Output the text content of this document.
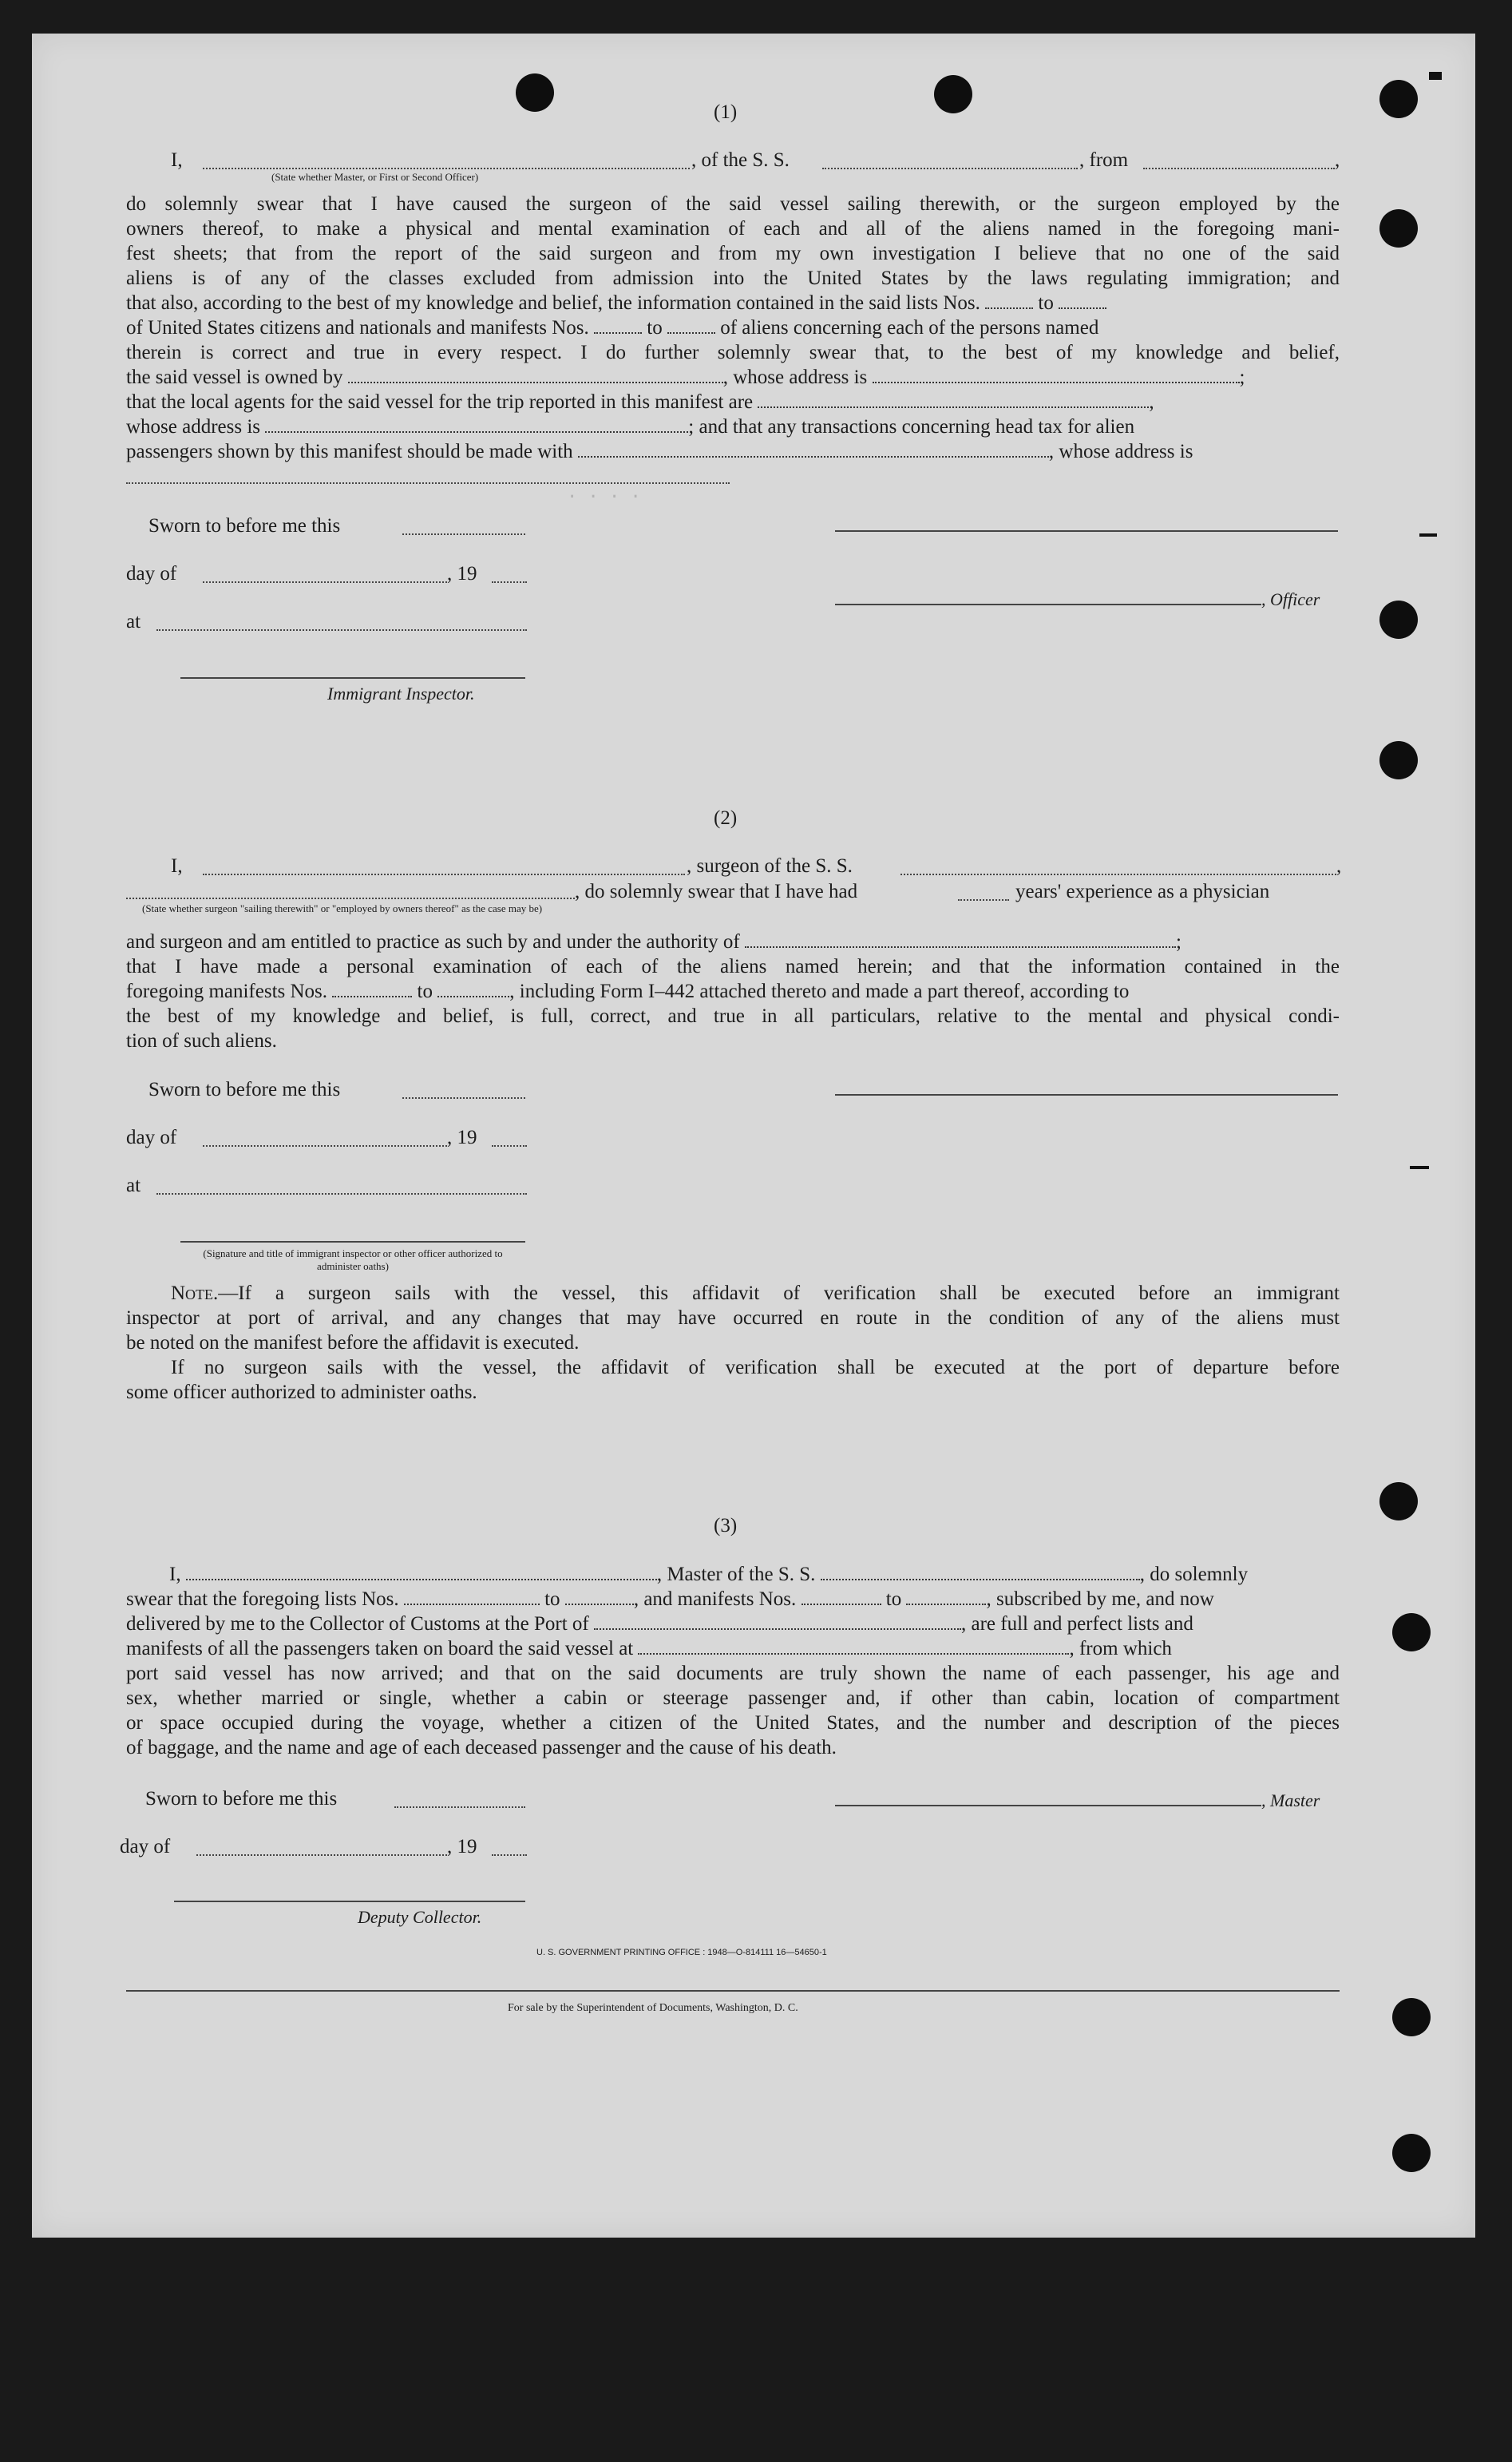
· · · ·
(1)
I,	, of the S. S.	, from	,
(State whether Master, or First or Second Officer)
do solemnly swear that I have caused the surgeon of the said vessel sailing therewith, or the surgeon employed by the
owners thereof, to make a physical and mental examination of each and all of the aliens named in the foregoing mani-
fest sheets; that from the report of the said surgeon and from my own investigation I believe that no one of the said
aliens is of any of the classes excluded from admission into the United States by the laws regulating immigration; and
that also, according to the best of my knowledge and belief, the information contained in the said lists Nos.	to
of United States citizens and nationals and manifests Nos.	to	of aliens concerning each of the persons named
therein is correct and true in every respect. I do further solemnly swear that, to the best of my knowledge and belief,
the said vessel is owned by	, whose address is	;
that the local agents for the said vessel for the trip reported in this manifest are	,
whose address is	; and that any transactions concerning head tax for alien
passengers shown by this manifest should be made with	, whose address is
Sworn to before me this
day of	, 19
, Officer
at
Immigrant Inspector.
(2)
I,	, surgeon of the S. S.	,
, do solemnly swear that I have had	years' experience as a physician
(State whether surgeon "sailing therewith" or "employed by owners thereof" as the case may be)
and surgeon and am entitled to practice as such by and under the authority of	;
that I have made a personal examination of each of the aliens named herein; and that the information contained in the
foregoing manifests Nos.	to	, including Form I–442 attached thereto and made a part thereof, according to
the best of my knowledge and belief, is full, correct, and true in all particulars, relative to the mental and physical condi-
tion of such aliens.
Sworn to before me this
day of	, 19
at
(Signature and title of immigrant inspector or other officer authorized to administer oaths)
Note.—If a surgeon sails with the vessel, this affidavit of verification shall be executed before an immigrant
inspector at port of arrival, and any changes that may have occurred en route in the condition of any of the aliens must
be noted on the manifest before the affidavit is executed.
If no surgeon sails with the vessel, the affidavit of verification shall be executed at the port of departure before
some officer authorized to administer oaths.
(3)
I,	, Master of the S. S.	, do solemnly
swear that the foregoing lists Nos.	to	, and manifests Nos.	to	, subscribed by me, and now
delivered by me to the Collector of Customs at the Port of	, are full and perfect lists and
manifests of all the passengers taken on board the said vessel at	, from which
port said vessel has now arrived; and that on the said documents are truly shown the name of each passenger, his age and
sex, whether married or single, whether a cabin or steerage passenger and, if other than cabin, location of compartment
or space occupied during the voyage, whether a citizen of the United States, and the number and description of the pieces
of baggage, and the name and age of each deceased passenger and the cause of his death.
Sworn to before me this	, Master
day of	, 19
Deputy Collector.
U. S. GOVERNMENT PRINTING OFFICE : 1948—O-814111 16—54650-1
For sale by the Superintendent of Documents, Washington, D. C.
